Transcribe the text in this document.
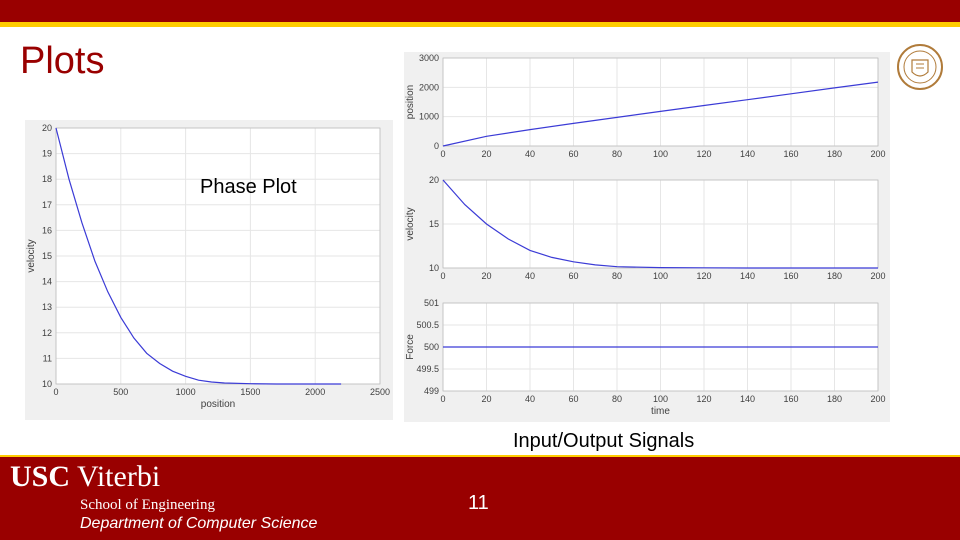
Plots
0	500	1000	1500	2000	2500
10
11
12
13
14
15
16
17
18
19
20
position
velocity
0	20	40	60	80	100	120	140	160	180	200
0
1000
2000
3000
position
0	20	40	60	80	100	120	140	160	180	200
10
15
20
velocity
0	20	40	60	80	100	120	140	160	180	200
499
499.5
500
500.5
501
time
Force
Phase Plot
Input/Output Signals
USC Viterbi
School of Engineering
Department of Computer Science
11
